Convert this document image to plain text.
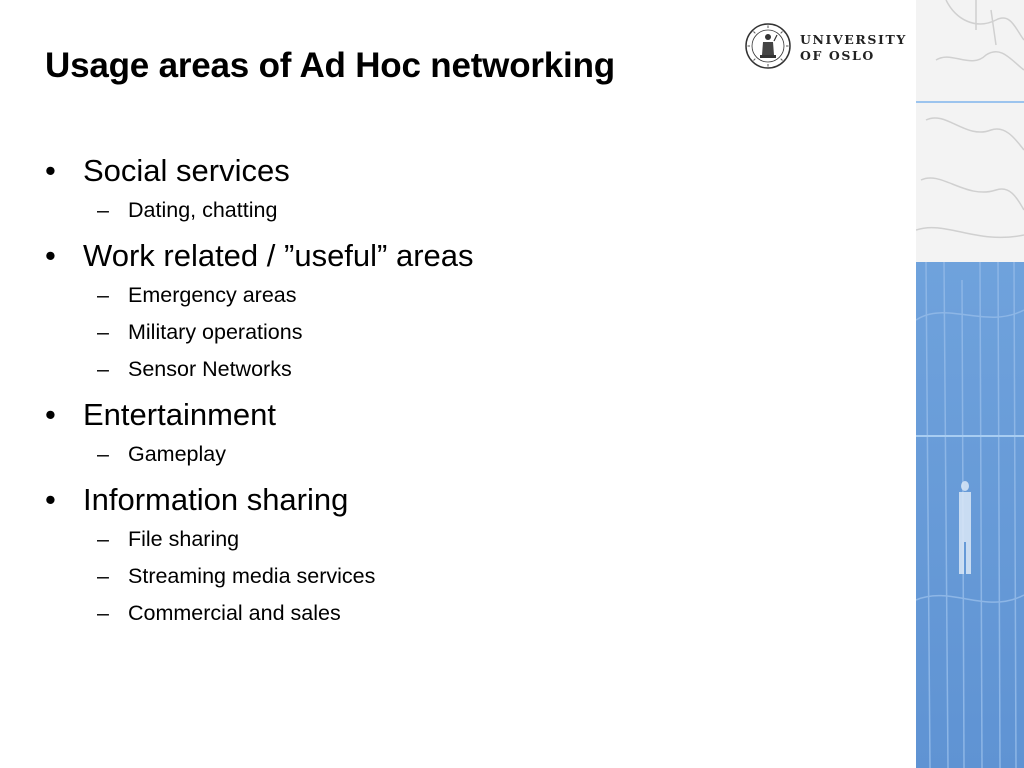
Usage areas of Ad Hoc networking
UNIVERSITY
OF OSLO
• Social services
– Dating, chatting
• Work related / ”useful” areas
– Emergency areas
– Military operations
– Sensor Networks
• Entertainment
– Gameplay
• Information sharing
– File sharing
– Streaming media services
– Commercial and sales
